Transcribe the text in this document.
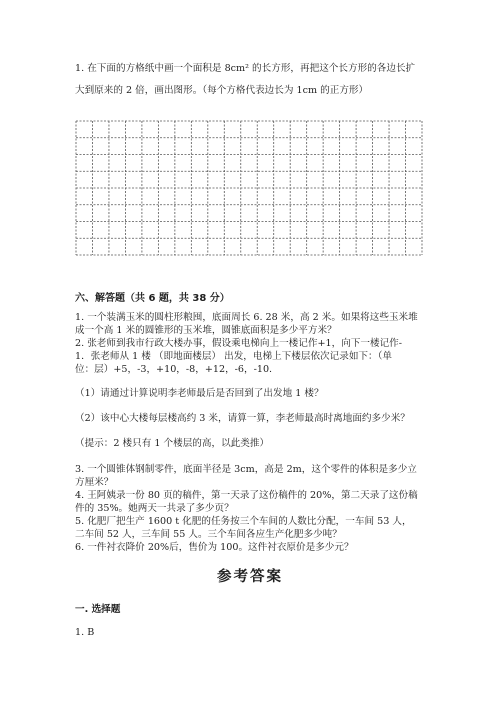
1. 在下面的方格纸中画一个面积是 8cm² 的长方形，再把这个长方形的各边长扩
大到原来的 2 倍，画出图形。（每个方格代表边长为 1cm 的正方形）
六、解答题（共 6 题，共 38 分）
1. 一个装满玉米的圆柱形粮囤，底面周长 6. 28 米，高 2 米。如果将这些玉米堆
成一个高 1 米的圆锥形的玉米堆，圆锥底面积是多少平方米？
2. 张老师到我市行政大楼办事，假设乘电梯向上一楼记作+1，向下一楼记作-
1．张老师从 1 楼 （即地面楼层） 出发，电梯上下楼层依次记录如下：（单
位：层）+5，-3，+10，-8，+12，-6，-10.
（1）请通过计算说明李老师最后是否回到了出发地 1 楼？
（2）该中心大楼每层楼高约 3 米，请算一算，李老师最高时离地面约多少米？
（提示：2 楼只有 1 个楼层的高，以此类推）
3. 一个圆锥体钢制零件，底面半径是 3cm，高是 2m，这个零件的体积是多少立
方厘米？
4. 王阿姨录一份 80 页的稿件，第一天录了这份稿件的 20%，第二天录了这份稿
件的 35%。她两天一共录了多少页？
5. 化肥厂把生产 1600 t 化肥的任务按三个车间的人数比分配，一车间 53 人，
二车间 52 人，三车间 55 人。三个车间各应生产化肥多少吨？
6. 一件衬衣降价 20%后，售价为 100。这件衬衣原价是多少元？
参考答案
一. 选择题
1. B
